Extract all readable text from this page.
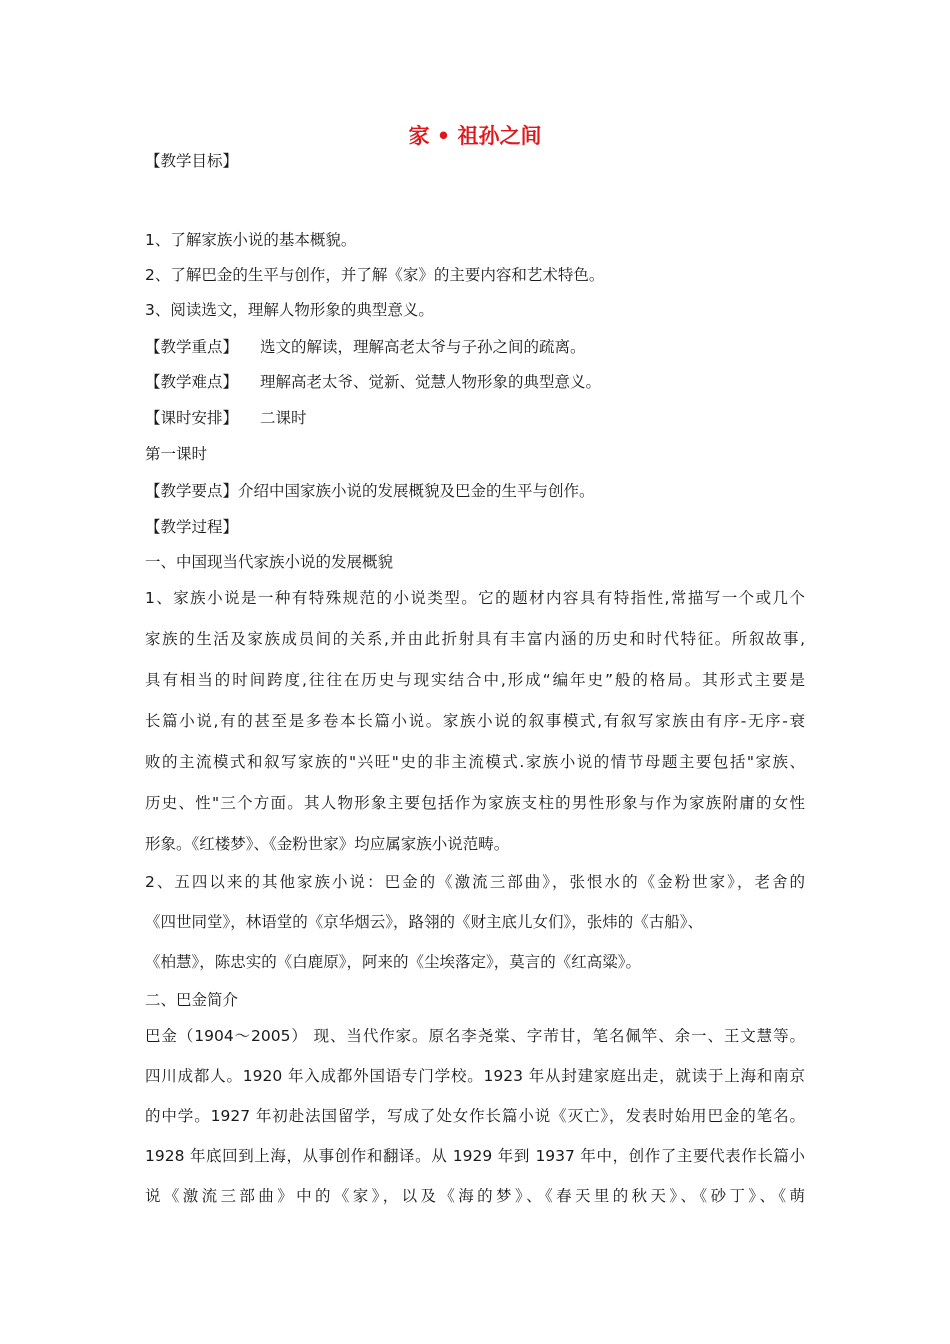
家 • 祖孙之间
【教学目标】
1、了解家族小说的基本概貌。
2、了解巴金的生平与创作，并了解《家》的主要内容和艺术特色。
3、阅读选文，理解人物形象的典型意义。
【教学重点】 选文的解读，理解高老太爷与子孙之间的疏离。
【教学难点】 理解高老太爷、觉新、觉慧人物形象的典型意义。
【课时安排】 二课时
第一课时
【教学要点】介绍中国家族小说的发展概貌及巴金的生平与创作。
【教学过程】
一、中国现当代家族小说的发展概貌
1、家族小说是一种有特殊规范的小说类型。它的题材内容具有特指性,常描写一个或几个
家族的生活及家族成员间的关系,并由此折射具有丰富内涵的历史和时代特征。所叙故事,
具有相当的时间跨度,往往在历史与现实结合中,形成“编年史”般的格局。其形式主要是
长篇小说,有的甚至是多卷本长篇小说。家族小说的叙事模式,有叙写家族由有序-无序-衰
败的主流模式和叙写家族的"兴旺"史的非主流模式.家族小说的情节母题主要包括"家族、
历史、性"三个方面。其人物形象主要包括作为家族支柱的男性形象与作为家族附庸的女性
形象。《红楼梦》、《金粉世家》均应属家族小说范畴。
2、五四以来的其他家族小说：巴金的《激流三部曲》，张恨水的《金粉世家》，老舍的
《四世同堂》，林语堂的《京华烟云》，路翎的《财主底儿女们》，张炜的《古船》、
《柏慧》，陈忠实的《白鹿原》，阿来的《尘埃落定》，莫言的《红高粱》。
二、巴金简介
巴金（1904～2005） 现、当代作家。原名李尧棠、字芾甘，笔名佩竿、余一、王文慧等。
四川成都人。1920 年入成都外国语专门学校。1923 年从封建家庭出走，就读于上海和南京
的中学。1927 年初赴法国留学，写成了处女作长篇小说《灭亡》，发表时始用巴金的笔名。
1928 年底回到上海，从事创作和翻译。从 1929 年到 1937 年中，创作了主要代表作长篇小
说《激流三部曲》中的《家》，以及《海的梦》、《春天里的秋天》、《砂丁》、《萌
